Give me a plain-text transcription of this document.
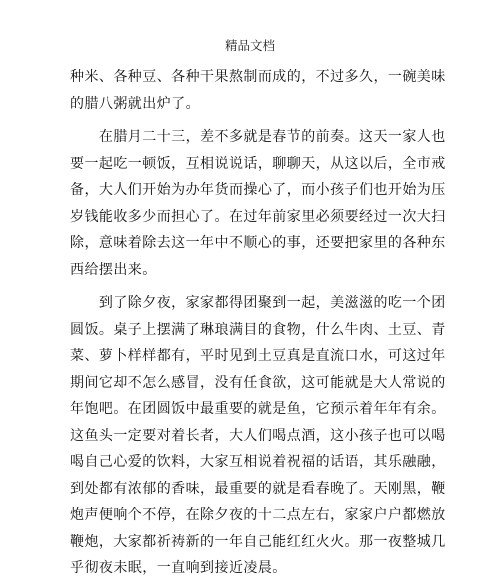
精品文档
种米、各种豆、各种干果熬制而成的，不过多久，一碗美味
的腊八粥就出炉了。
　　在腊月二十三，差不多就是春节的前奏。这天一家人也
要一起吃一顿饭，互相说说话，聊聊天，从这以后，全市戒
备，大人们开始为办年货而操心了，而小孩子们也开始为压
岁钱能收多少而担心了。在过年前家里必须要经过一次大扫
除，意味着除去这一年中不顺心的事，还要把家里的各种东
西给摆出来。
　　到了除夕夜，家家都得团聚到一起，美滋滋的吃一个团
圆饭。桌子上摆满了琳琅满目的食物，什么牛肉、土豆、青
菜、萝卜样样都有，平时见到土豆真是直流口水，可这过年
期间它却不怎么感冒，没有任食欲，这可能就是大人常说的
年饱吧。在团圆饭中最重要的就是鱼，它预示着年年有余。
这鱼头一定要对着长者，大人们喝点酒，这小孩子也可以喝
喝自己心爱的饮料，大家互相说着祝福的话语，其乐融融，
到处都有浓郁的香味，最重要的就是看春晚了。天刚黑，鞭
炮声便响个不停，在除夕夜的十二点左右，家家户户都燃放
鞭炮，大家都祈祷新的一年自己能红红火火。那一夜整城几
乎彻夜未眠，一直响到接近凌晨。
